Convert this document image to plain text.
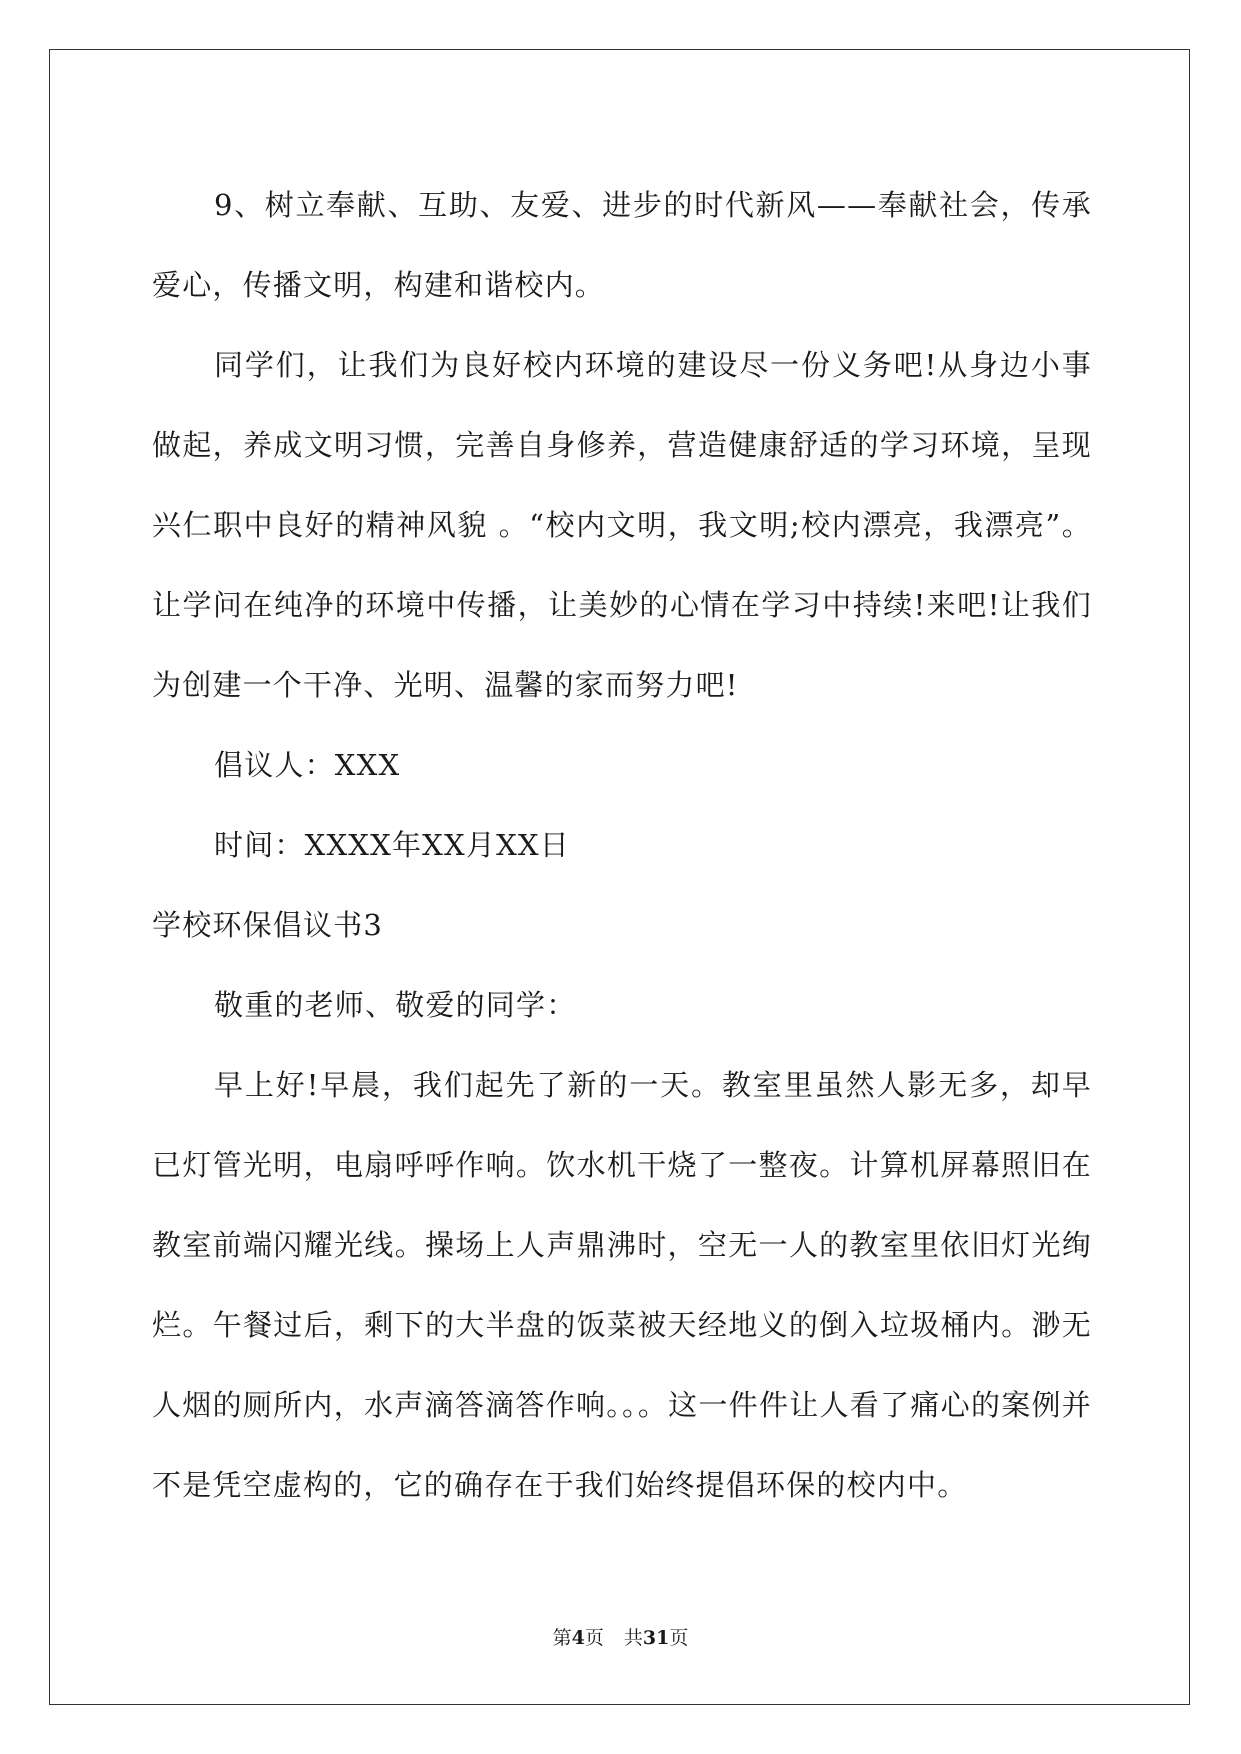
9、树立奉献、互助、友爱、进步的时代新风——奉献社会，传承爱心，传播文明，构建和谐校内。

同学们，让我们为良好校内环境的建设尽一份义务吧!从身边小事做起，养成文明习惯，完善自身修养，营造健康舒适的学习环境，呈现兴仁职中良好的精神风貌 。“校内文明，我文明;校内漂亮，我漂亮”。让学问在纯净的环境中传播，让美妙的心情在学习中持续!来吧!让我们为创建一个干净、光明、温馨的家而努力吧!

倡议人：XXX

时间：XXXX年XX月XX日

学校环保倡议书3

敬重的老师、敬爱的同学：

早上好!早晨，我们起先了新的一天。教室里虽然人影无多，却早已灯管光明，电扇呼呼作响。饮水机干烧了一整夜。计算机屏幕照旧在教室前端闪耀光线。操场上人声鼎沸时，空无一人的教室里依旧灯光绚烂。午餐过后，剩下的大半盘的饭菜被天经地义的倒入垃圾桶内。渺无人烟的厕所内，水声滴答滴答作响。。。这一件件让人看了痛心的案例并不是凭空虚构的，它的确存在于我们始终提倡环保的校内中。

第4页 共31页
